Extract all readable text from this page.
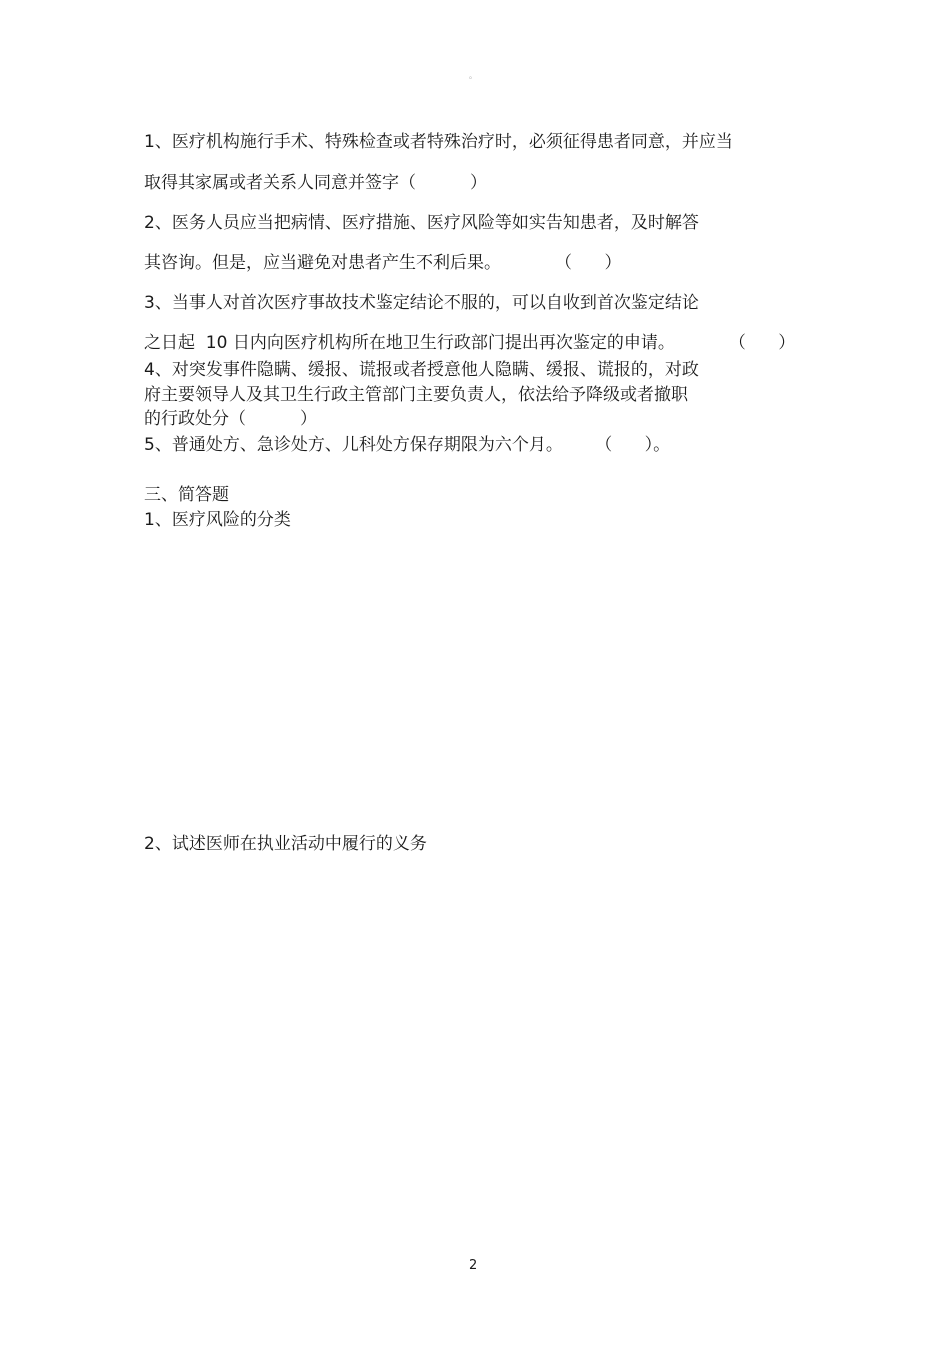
。
1、医疗机构施行手术、特殊检查或者特殊治疗时，必须征得患者同意，并应当
取得其家属或者关系人同意并签字（          ）
2、医务人员应当把病情、医疗措施、医疗风险等如实告知患者，及时解答
其咨询。但是，应当避免对患者产生不利后果。          （      ）
3、当事人对首次医疗事故技术鉴定结论不服的，可以自收到首次鉴定结论
之日起  10 日内向医疗机构所在地卫生行政部门提出再次鉴定的申请。          （      ）
4、对突发事件隐瞒、缓报、谎报或者授意他人隐瞒、缓报、谎报的，对政
府主要领导人及其卫生行政主管部门主要负责人，依法给予降级或者撤职
的行政处分（          ）
5、普通处方、急诊处方、儿科处方保存期限为六个月。      （      ）。
三、简答题
1、医疗风险的分类
2、试述医师在执业活动中履行的义务
2
